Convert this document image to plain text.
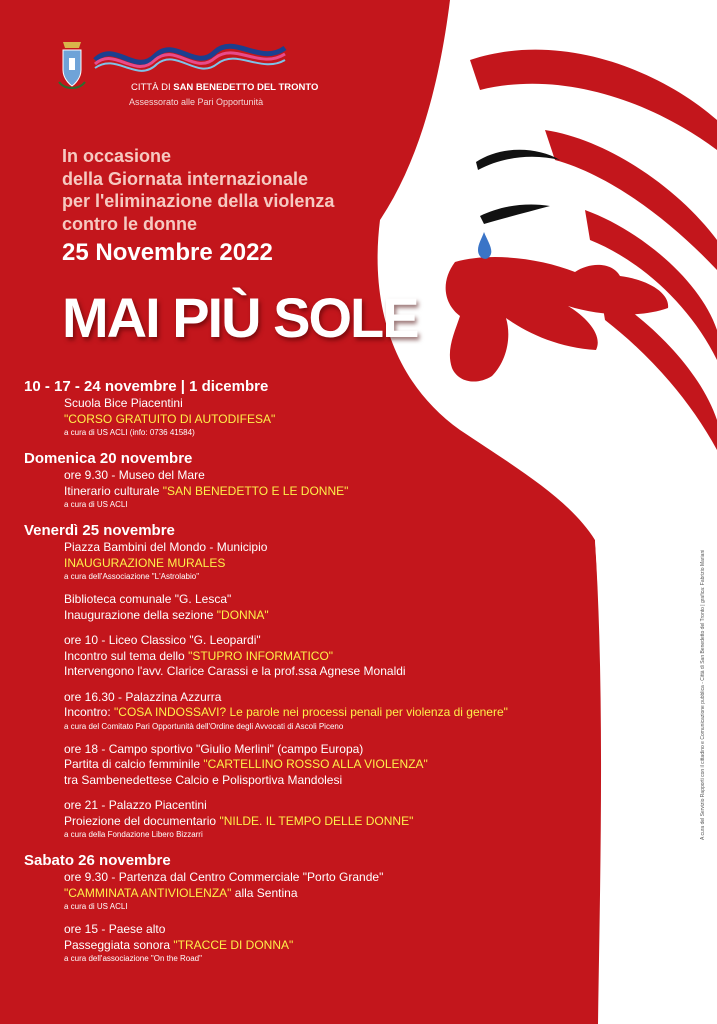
CITTÀ DI SAN BENEDETTO DEL TRONTO
Assessorato alle Pari Opportunità
In occasione
della Giornata internazionale
per l'eliminazione della violenza
contro le donne
25 Novembre 2022
MAI PIÙ SOLE
10 - 17 - 24 novembre | 1 dicembre
Scuola Bice Piacentini
"CORSO GRATUITO DI AUTODIFESA"
a cura di US ACLI (info: 0736 41584)
Domenica 20 novembre
ore 9.30 - Museo del Mare
Itinerario culturale "SAN BENEDETTO E LE DONNE"
a cura di US ACLI
Venerdì 25 novembre
Piazza Bambini del Mondo - Municipio
INAUGURAZIONE MURALES
a cura dell'Associazione "L'Astrolabio"
Biblioteca comunale "G. Lesca"
Inaugurazione della sezione "DONNA"
ore 10 - Liceo Classico "G. Leopardi"
Incontro sul tema dello "STUPRO INFORMATICO"
Intervengono l'avv. Clarice Carassi e la prof.ssa Agnese Monaldi
ore 16.30 - Palazzina Azzurra
Incontro: "COSA INDOSSAVI? Le parole nei processi penali per violenza di genere"
a cura del Comitato Pari Opportunità dell'Ordine degli Avvocati di Ascoli Piceno
ore 18 - Campo sportivo "Giulio Merlini" (campo Europa)
Partita di calcio femminile "CARTELLINO ROSSO ALLA VIOLENZA"
tra Sambenedettese Calcio e Polisportiva Mandolesi
ore 21 - Palazzo Piacentini
Proiezione del documentario "NILDE. IL TEMPO DELLE DONNE"
a cura della Fondazione Libero Bizzarri
Sabato 26 novembre
ore 9.30 - Partenza dal Centro Commerciale "Porto Grande"
"CAMMINATA ANTIVIOLENZA" alla Sentina
a cura di US ACLI
ore 15 - Paese alto
Passeggiata sonora "TRACCE DI DONNA"
a cura dell'associazione "On the Road"
A cura del Servizio Rapporti con il cittadino e Comunicazione pubblica - Città di San Benedetto del Tronto | grafica: Fabrizio Mariani
